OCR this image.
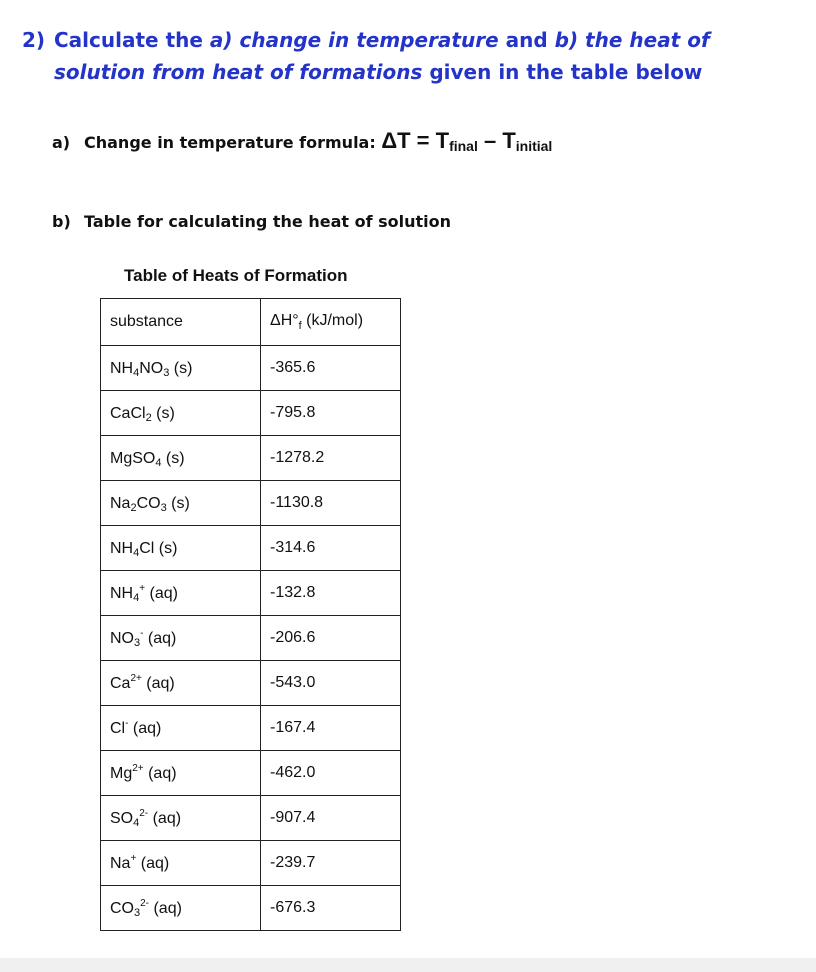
2) Calculate the a) change in temperature and b) the heat of solution from heat of formations given in the table below
a) Change in temperature formula: $\Delta T = T_{final} - T_{initial}$
b) Table for calculating the heat of solution
Table of Heats of Formation
substance	$\Delta H^\circ_f$ (kJ/mol)
$NH_4NO_3$ (s)	-365.6
CaCl$_2$ (s)	-795.8
MgSO$_4$ (s)	-1278.2
$Na_2CO_3$ (s)	-1130.8
$NH_4Cl$ (s)	-314.6
$NH_4^+$ (aq)	-132.8
$NO_3^-$ (aq)	-206.6
$Ca^{2+}$ (aq)	-543.0
Cl- (aq)	-167.4
$Mg^{2+}$ (aq)	-462.0
$SO_4^{2-}$ (aq)	-907.4
Na+ (aq)	-239.7
$CO_3^{2-}$ (aq)	-676.3
